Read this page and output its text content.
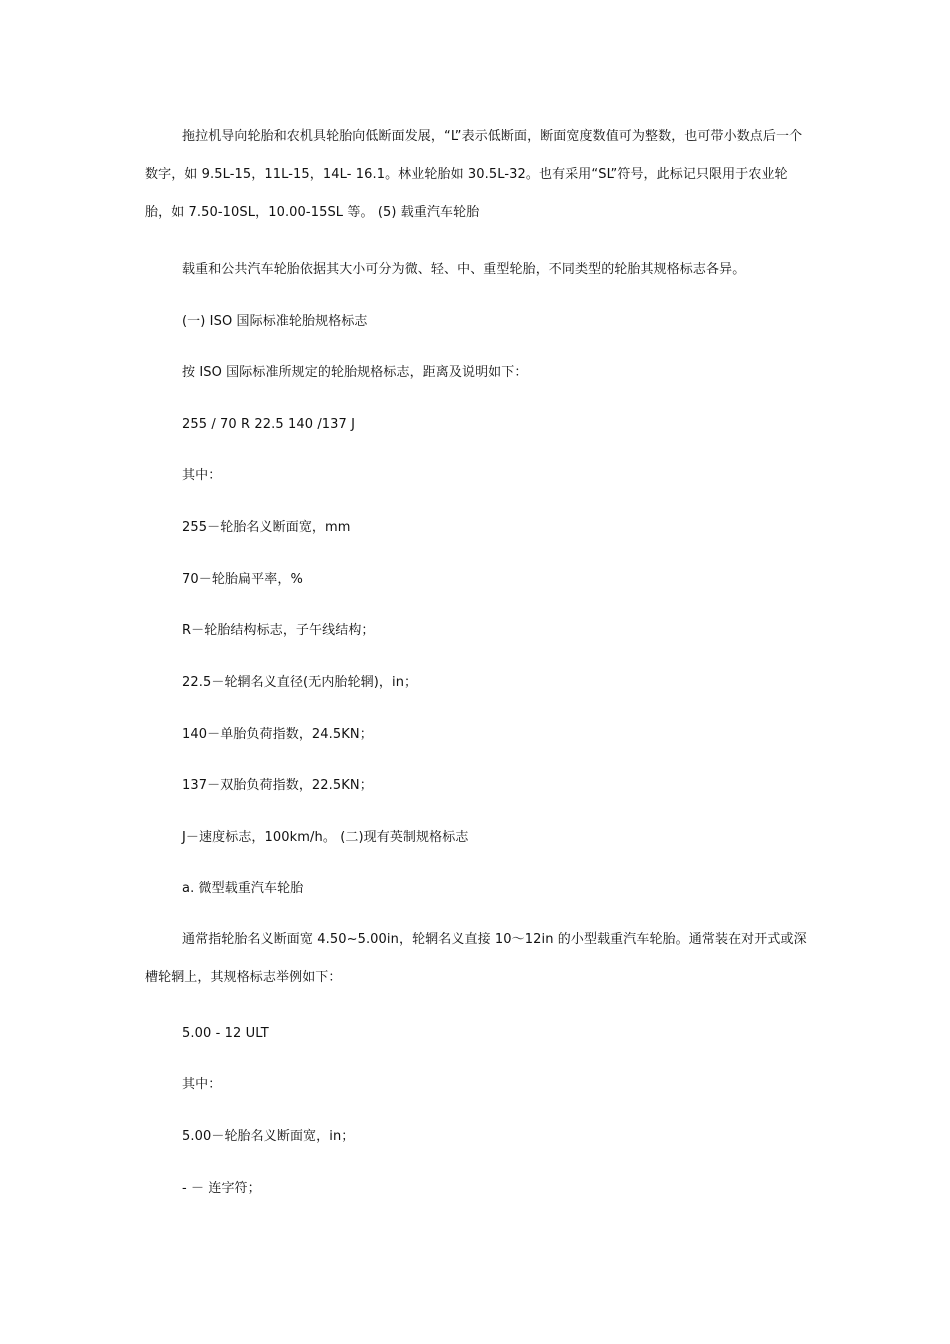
拖拉机导向轮胎和农机具轮胎向低断面发展，“L”表示低断面，断面宽度数值可为整数，也可带小数点后一个数字，如 9.5L-15，11L-15，14L- 16.1。林业轮胎如 30.5L-32。也有采用“SL”符号，此标记只限用于农业轮胎，如 7.50-10SL，10.00-15SL 等。 (5) 载重汽车轮胎
载重和公共汽车轮胎依据其大小可分为微、轻、中、重型轮胎，不同类型的轮胎其规格标志各异。
(一) ISO 国际标准轮胎规格标志
按 ISO 国际标准所规定的轮胎规格标志，距离及说明如下：
255 / 70 R 22.5 140 /137 J
其中：
255－轮胎名义断面宽，mm
70－轮胎扁平率，%
R－轮胎结构标志，子午线结构；
22.5－轮辋名义直径(无内胎轮辋)，in；
140－单胎负荷指数，24.5KN；
137－双胎负荷指数，22.5KN；
J－速度标志，100km/h。 (二)现有英制规格标志
a. 微型载重汽车轮胎
通常指轮胎名义断面宽 4.50~5.00in，轮辋名义直接 10～12in 的小型载重汽车轮胎。通常装在对开式或深槽轮辋上，其规格标志举例如下：
5.00 - 12 ULT
其中：
5.00－轮胎名义断面宽，in；
- － 连字符；
